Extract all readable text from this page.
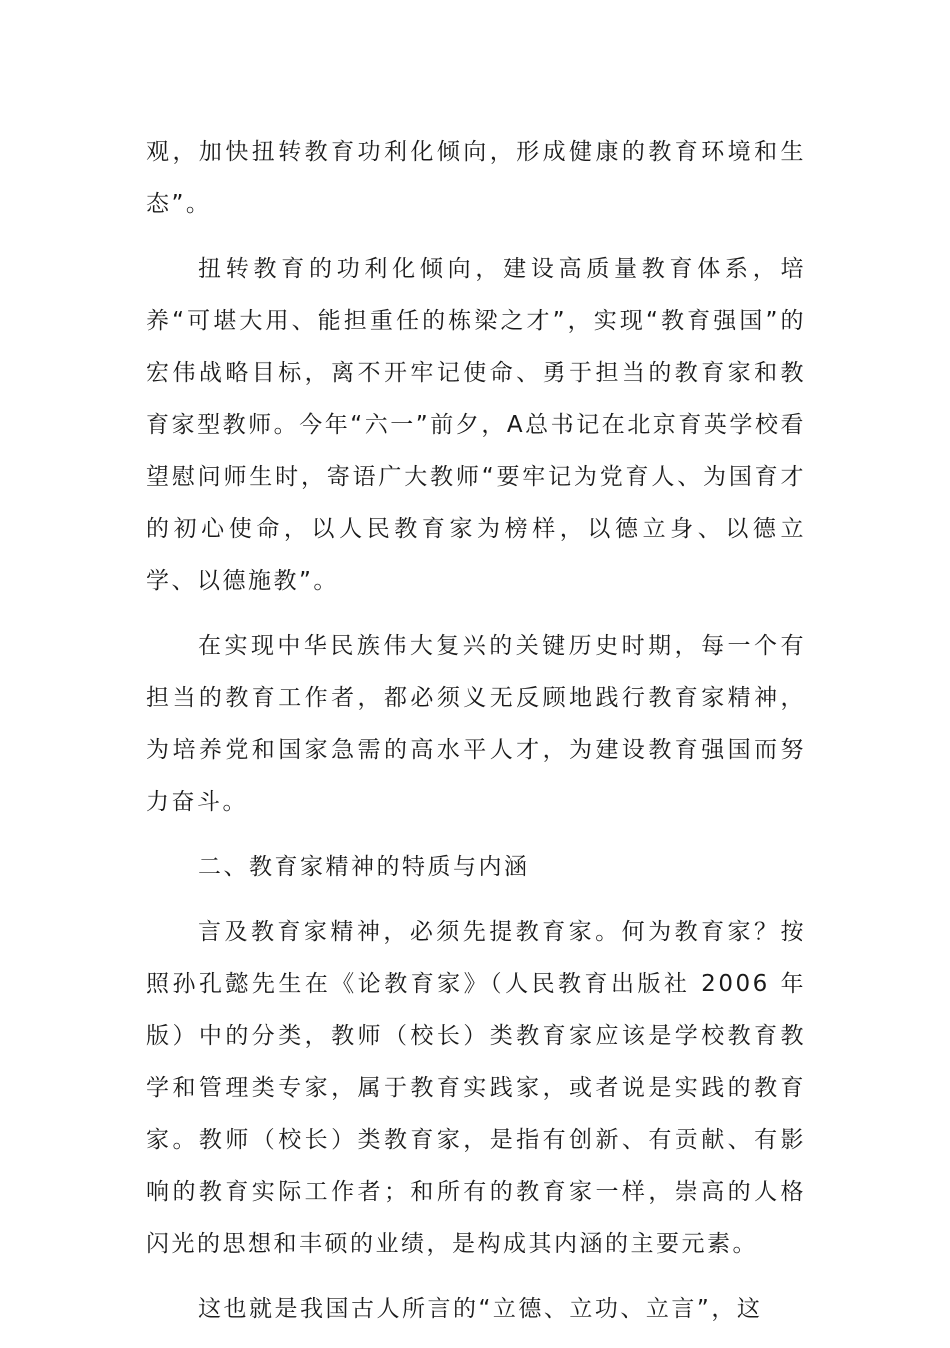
观，加快扭转教育功利化倾向，形成健康的教育环境和生态”。

扭转教育的功利化倾向，建设高质量教育体系，培养“可堪大用、能担重任的栋梁之才”，实现“教育强国”的宏伟战略目标，离不开牢记使命、勇于担当的教育家和教育家型教师。今年“六一”前夕，A总书记在北京育英学校看望慰问师生时，寄语广大教师“要牢记为党育人、为国育才的初心使命，以人民教育家为榜样，以德立身、以德立学、以德施教”。

在实现中华民族伟大复兴的关键历史时期，每一个有担当的教育工作者，都必须义无反顾地践行教育家精神，为培养党和国家急需的高水平人才，为建设教育强国而努力奋斗。

二、教育家精神的特质与内涵

言及教育家精神，必须先提教育家。何为教育家？按照孙孔懿先生在《论教育家》（人民教育出版社 2006 年版）中的分类，教师（校长）类教育家应该是学校教育教学和管理类专家，属于教育实践家，或者说是实践的教育家。教师（校长）类教育家，是指有创新、有贡献、有影响的教育实际工作者；和所有的教育家一样，崇高的人格闪光的思想和丰硕的业绩，是构成其内涵的主要元素。

这也就是我国古人所言的“立德、立功、立言”，这
